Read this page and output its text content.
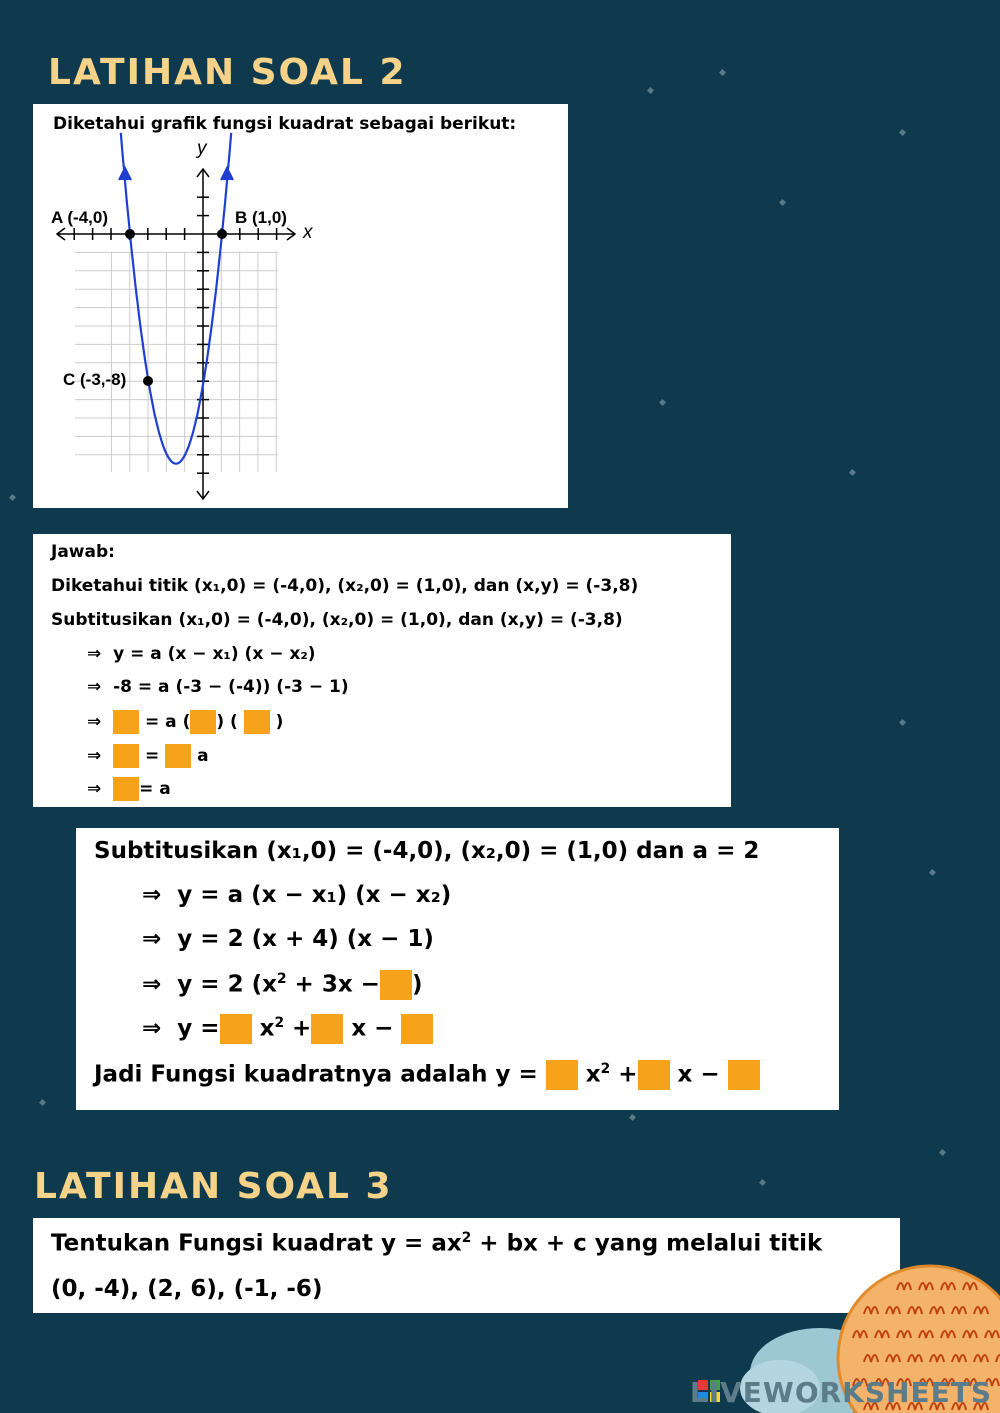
LATIHAN SOAL 2
Diketahui grafik fungsi kuadrat sebagai berikut:
y
x
A (-4,0)	B (1,0)
C (-3,-8)
Jawab:
Diketahui titik (x₁,0) = (-4,0), (x₂,0) = (1,0), dan (x,y) = (-3,8)
Subtitusikan (x₁,0) = (-4,0), (x₂,0) = (1,0), dan (x,y) = (-3,8)
⇒ y = a (x − x₁) (x − x₂)
⇒ -8 = a (-3 − (-4)) (-3 − 1)
⇒	= a ( ) ( )
⇒	= a
⇒ = a
Subtitusikan (x₁,0) = (-4,0), (x₂,0) = (1,0) dan a = 2
⇒ y = a (x − x₁) (x − x₂)
⇒ y = 2 (x + 4) (x − 1)
⇒ y = 2 ($x^2 + 3x$ − )
⇒ $y = x^2 + x$ −
Jadi Fungsi kuadratnya adalah $y = x^2 + x$ −
LATIHAN SOAL 3
Tentukan Fungsi kuadrat $y = ax^2$ + bx + c yang melalui titik
(0, -4), (2, 6), (-1, -6)
LIVEWORKSHEETS
